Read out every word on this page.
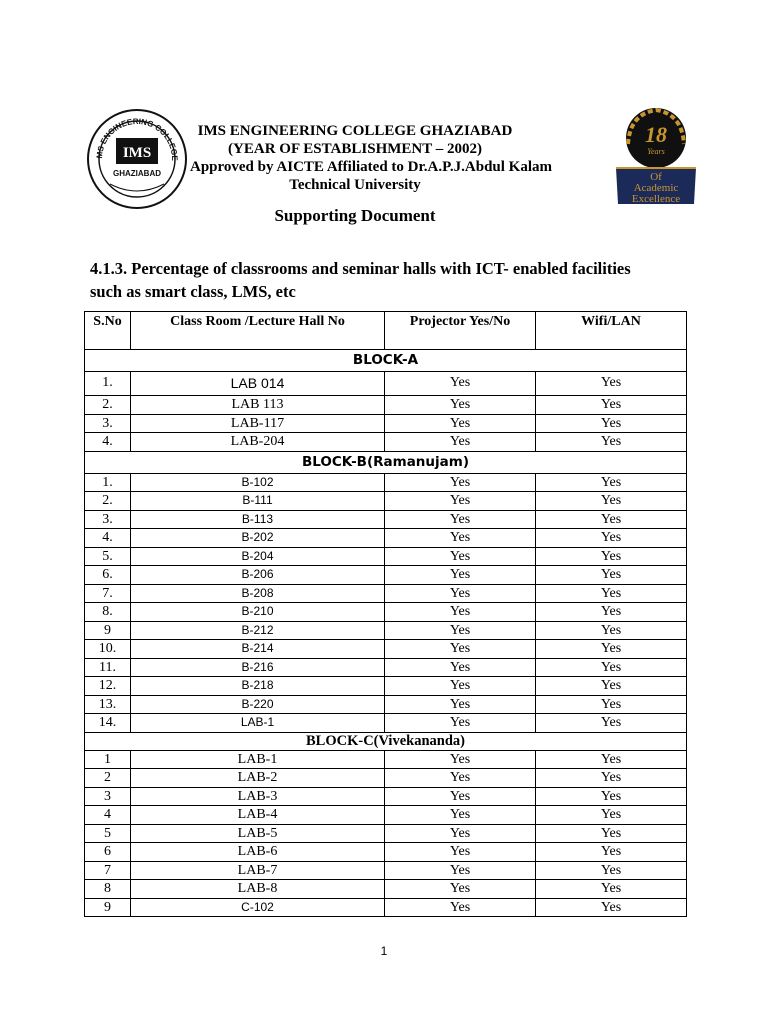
MS ENGINEERING COLLEGE
IMS
GHAZIABAD
IMS ENGINEERING COLLEGE GHAZIABAD
(YEAR OF ESTABLISHMENT – 2002)
Approved by AICTE Affiliated to Dr.A.P.J.Abdul Kalam
Technical University
18
Years
Of
Academic
Excellence
Supporting Document
4.1.3. Percentage of classrooms and seminar halls with ICT- enabled facilities
such as smart class, LMS, etc
S.No	Class Room /Lecture Hall No	Projector Yes/No	Wifi/LAN
BLOCK-A			
1.	LAB 014	Yes	Yes
2.	LAB 113	Yes	Yes
3.	LAB-117	Yes	Yes
4.	LAB-204	Yes	Yes
BLOCK-B(Ramanujam)			
1.	B-102	Yes	Yes
2.	B-111	Yes	Yes
3.	B-113	Yes	Yes
4.	B-202	Yes	Yes
5.	B-204	Yes	Yes
6.	B-206	Yes	Yes
7.	B-208	Yes	Yes
8.	B-210	Yes	Yes
9	B-212	Yes	Yes
10.	B-214	Yes	Yes
11.	B-216	Yes	Yes
12.	B-218	Yes	Yes
13.	B-220	Yes	Yes
14.	LAB-1	Yes	Yes
BLOCK-C(Vivekananda)			
1	LAB-1	Yes	Yes
2	LAB-2	Yes	Yes
3	LAB-3	Yes	Yes
4	LAB-4	Yes	Yes
5	LAB-5	Yes	Yes
6	LAB-6	Yes	Yes
7	LAB-7	Yes	Yes
8	LAB-8	Yes	Yes
9	C-102	Yes	Yes
1
